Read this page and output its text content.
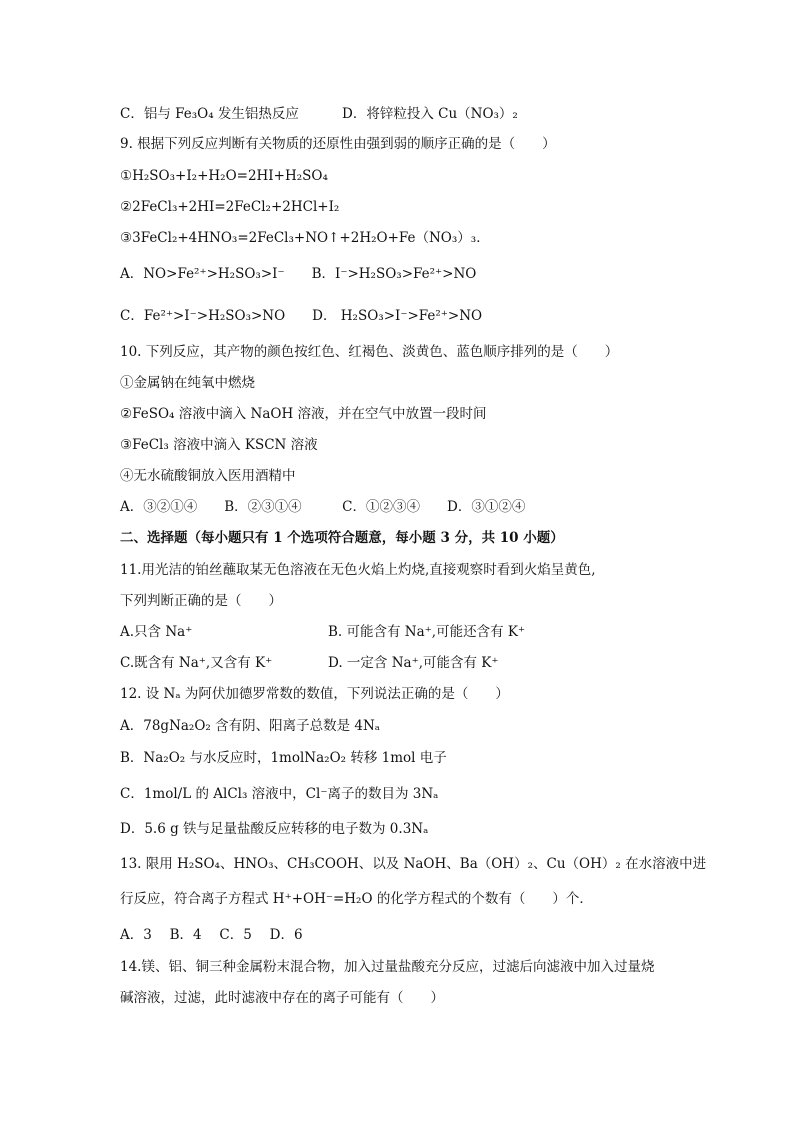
C．铝与 Fe₃O₄ 发生铝热反应	D．将锌粒投入 Cu（NO₃）₂
9. 根据下列反应判断有关物质的还原性由强到弱的顺序正确的是（　　）
①H₂SO₃+I₂+H₂O=2HI+H₂SO₄
②2FeCl₃+2HI=2FeCl₂+2HCl+I₂
③3FeCl₂+4HNO₃=2FeCl₃+NO↑+2H₂O+Fe（NO₃）₃．
A．NO>Fe²⁺>H₂SO₃>I⁻　　B．I⁻>H₂SO₃>Fe²⁺>NO
C．Fe²⁺>I⁻>H₂SO₃>NO　　D． H₂SO₃>I⁻>Fe²⁺>NO
10. 下列反应，其产物的颜色按红色、红褐色、淡黄色、蓝色顺序排列的是（　　）
①金属钠在纯氧中燃烧
②FeSO₄ 溶液中滴入 NaOH 溶液，并在空气中放置一段时间
③FeCl₃ 溶液中滴入 KSCN 溶液
④无水硫酸铜放入医用酒精中
A．③②①④　　B．②③①④　　　C．①②③④　　D．③①②④
二、选择题（每小题只有 1 个选项符合题意，每小题 3 分，共 10 小题）
11.用光洁的铂丝蘸取某无色溶液在无色火焰上灼烧,直接观察时看到火焰呈黄色,
下列判断正确的是（　　）
A.只含 Na⁺	B. 可能含有 Na⁺,可能还含有 K⁺
C.既含有 Na⁺,又含有 K⁺	D. 一定含 Na⁺,可能含有 K⁺
12. 设 Nₐ 为阿伏加德罗常数的数值，下列说法正确的是（　　）
A．78gNa₂O₂ 含有阴、阳离子总数是 4Nₐ
B．Na₂O₂ 与水反应时，1molNa₂O₂ 转移 1mol 电子
C．1mol/L 的 AlCl₃ 溶液中，Cl⁻离子的数目为 3Nₐ
D．5.6 g 铁与足量盐酸反应转移的电子数为 0.3Nₐ
13. 限用 H₂SO₄、HNO₃、CH₃COOH、以及 NaOH、Ba（OH）₂、Cu（OH）₂ 在水溶液中进
行反应，符合离子方程式 H⁺+OH⁻=H₂O 的化学方程式的个数有（　　）个．
A．3　 B．4　 C．5　 D．6
14.镁、铝、铜三种金属粉末混合物，加入过量盐酸充分反应，过滤后向滤液中加入过量烧
碱溶液，过滤，此时滤液中存在的离子可能有（　　）
